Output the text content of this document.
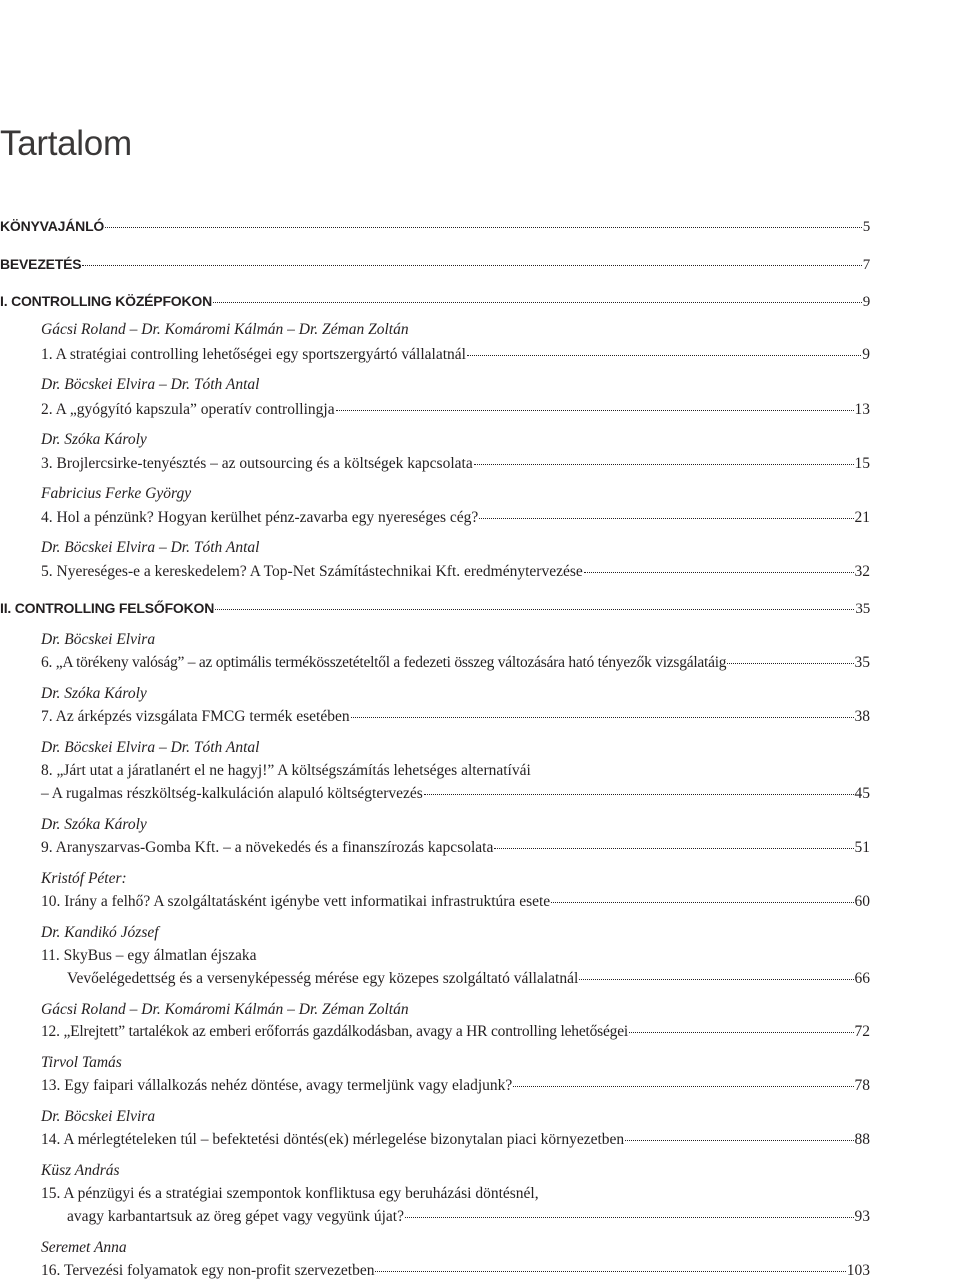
Tartalom
KÖNYVAJÁNLÓ	5
BEVEZETÉS	7
I. CONTROLLING KÖZÉPFOKON	9
Gácsi Roland – Dr. Komáromi Kálmán – Dr. Zéman Zoltán
1. A stratégiai controlling lehetőségei egy sportszergyártó vállalatnál	9
Dr. Böcskei Elvira – Dr. Tóth Antal
2. A „gyógyító kapszula” operatív controllingja	13
Dr. Szóka Károly
3. Brojlercsirke-tenyésztés – az outsourcing és a költségek kapcsolata	15
Fabricius Ferke György
4. Hol a pénzünk? Hogyan kerülhet pénz-zavarba egy nyereséges cég?	21
Dr. Böcskei Elvira – Dr. Tóth Antal
5. Nyereséges-e a kereskedelem? A Top-Net Számítástechnikai Kft. eredménytervezése	32
II. CONTROLLING FELSŐFOKON	35
Dr. Böcskei Elvira
6. „A törékeny valóság” – az optimális termékösszetételtől a fedezeti összeg változására ható tényezők vizsgálatáig	35
Dr. Szóka Károly
7. Az árképzés vizsgálata FMCG termék esetében	38
Dr. Böcskei Elvira – Dr. Tóth Antal
8. „Járt utat a járatlanért el ne hagyj!” A költségszámítás lehetséges alternatívái
– A rugalmas részköltség-kalkuláción alapuló költségtervezés	45
Dr. Szóka Károly
9. Aranyszarvas-Gomba Kft. – a növekedés és a finanszírozás kapcsolata	51
Kristóf Péter:
10. Irány a felhő? A szolgáltatásként igénybe vett informatikai infrastruktúra esete	60
Dr. Kandikó József
11. SkyBus – egy álmatlan éjszaka
Vevőelégedettség és a versenyképesség mérése egy közepes szolgáltató vállalatnál	66
Gácsi Roland – Dr. Komáromi Kálmán – Dr. Zéman Zoltán
12. „Elrejtett” tartalékok az emberi erőforrás gazdálkodásban, avagy a HR controlling lehetőségei	72
Tirvol Tamás
13. Egy faipari vállalkozás nehéz döntése, avagy termeljünk vagy eladjunk?	78
Dr. Böcskei Elvira
14. A mérlegtételeken túl – befektetési döntés(ek) mérlegelése bizonytalan piaci környezetben	88
Küsz András
15. A pénzügyi és a stratégiai szempontok konfliktusa egy beruházási döntésnél,
avagy karbantartsuk az öreg gépet vagy vegyünk újat?	93
Seremet Anna
16. Tervezési folyamatok egy non-profit szervezetben	103
